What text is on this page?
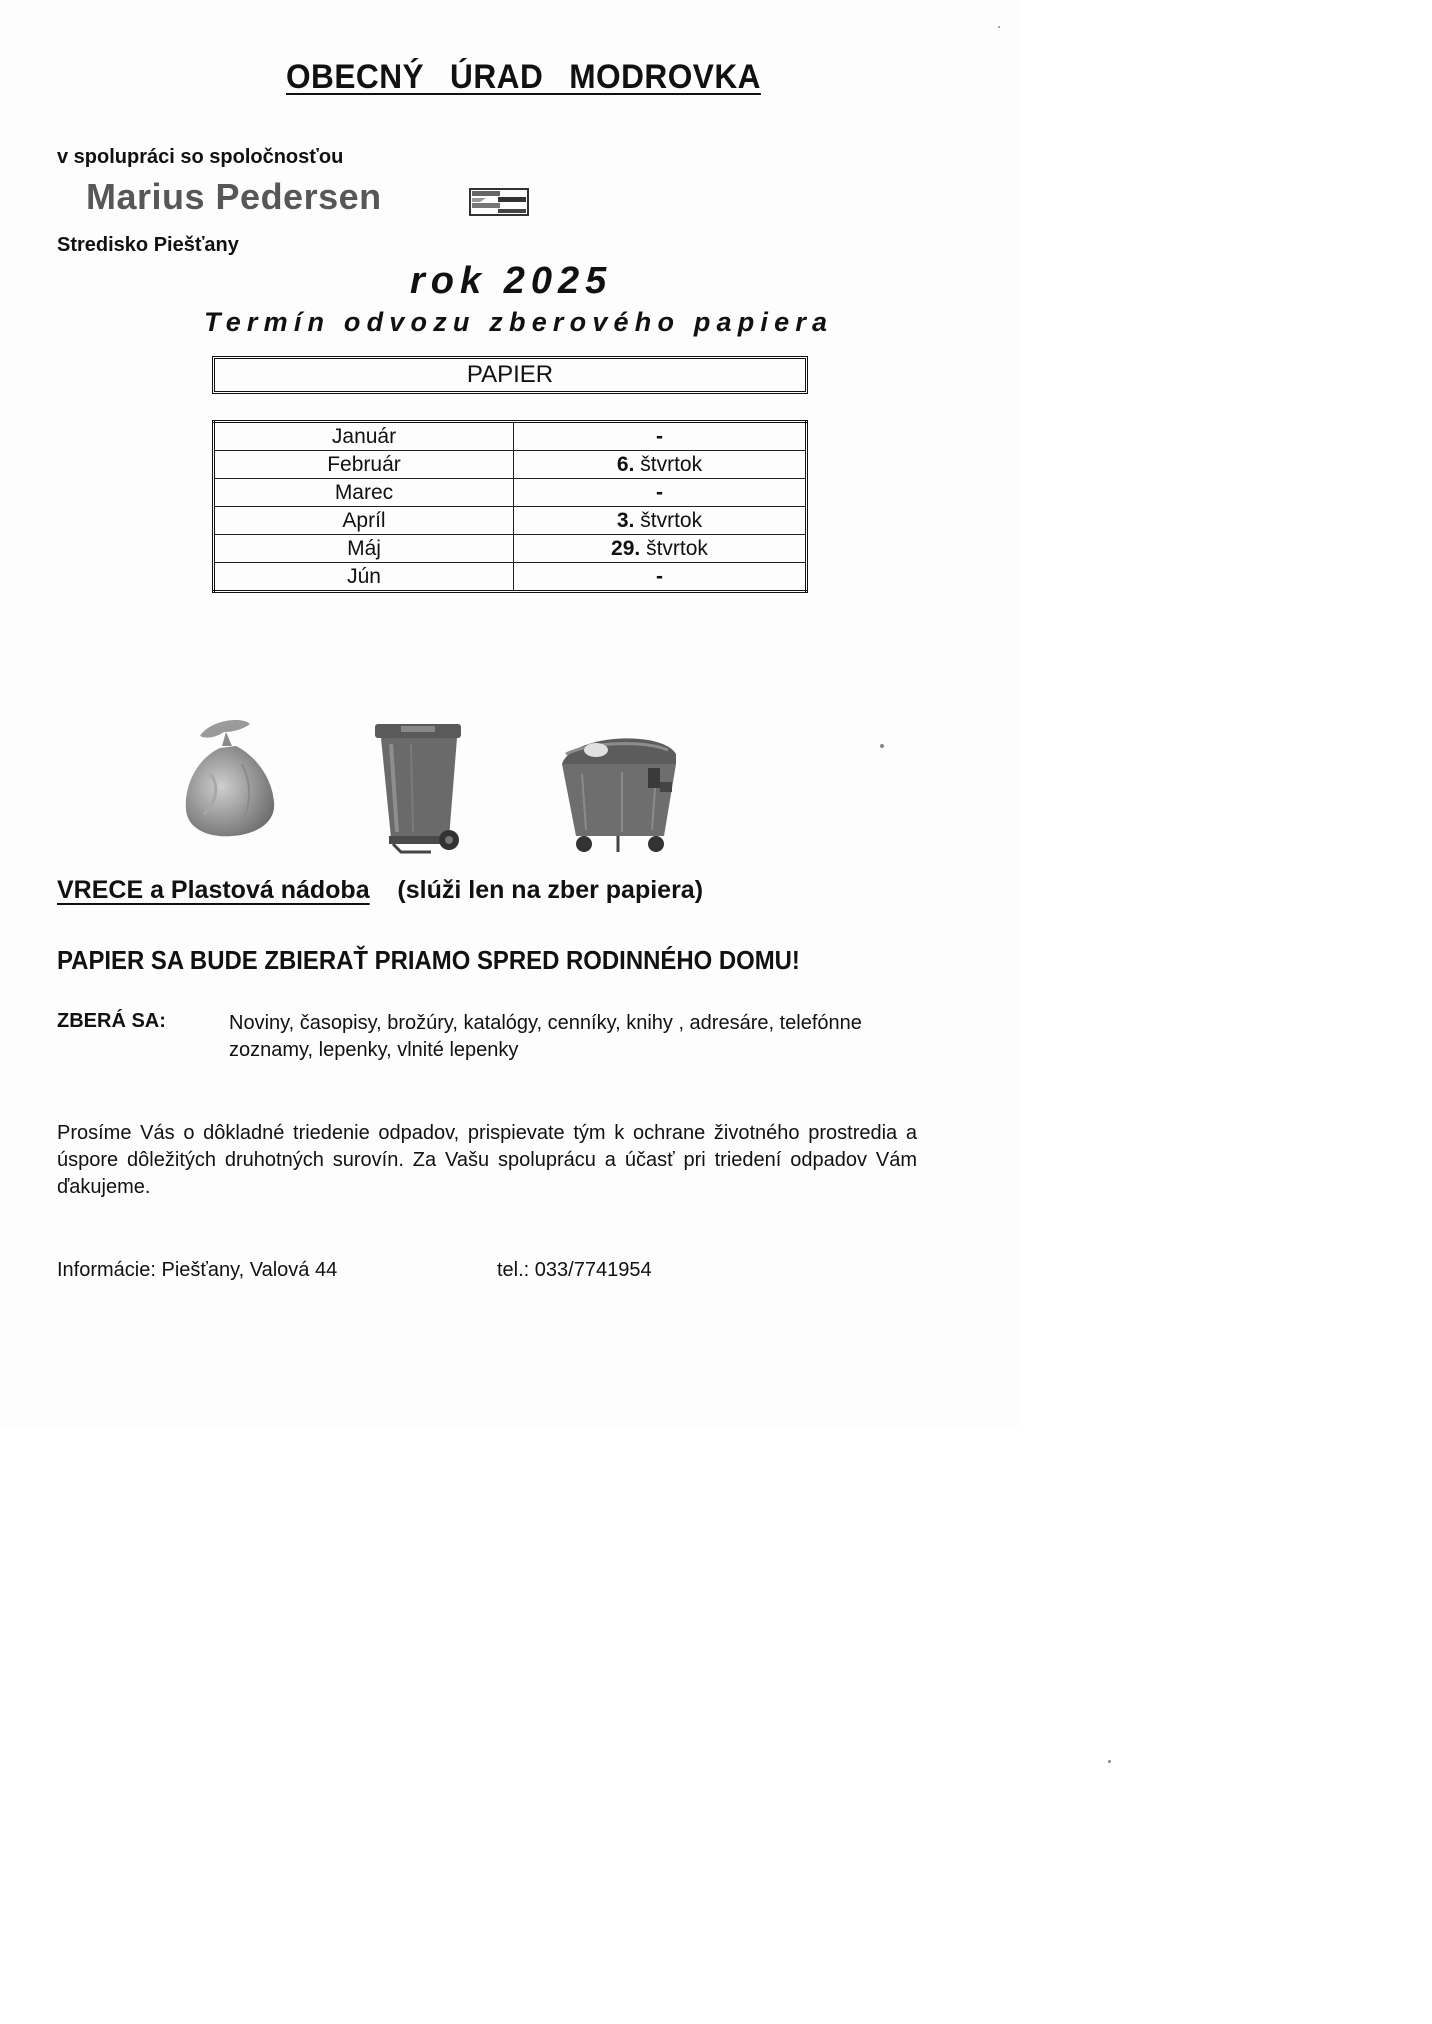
OBECNÝ ÚRAD MODROVKA
v spolupráci so spoločnosťou
Marius Pedersen
Stredisko Piešťany
rok 2025
Termín odvozu zberového papiera
PAPIER
Január	-
Február	6. štvrtok
Marec	-
Apríl	3. štvrtok
Máj	29. štvrtok
Jún	-
VRECE a Plastová nádoba (slúži len na zber papiera)
PAPIER SA BUDE ZBIERAŤ PRIAMO SPRED RODINNÉHO DOMU!
ZBERÁ SA:	Noviny, časopisy, brožúry, katalógy, cenníky, knihy , adresáre, telefónne
zoznamy, lepenky, vlnité lepenky
Prosíme Vás o dôkladné triedenie odpadov, prispievate tým k ochrane životného prostredia a úspore dôležitých druhotných surovín. Za Vašu spoluprácu a účasť pri triedení odpadov Vám ďakujeme.
Informácie: Piešťany, Valová 44	tel.: 033/7741954
